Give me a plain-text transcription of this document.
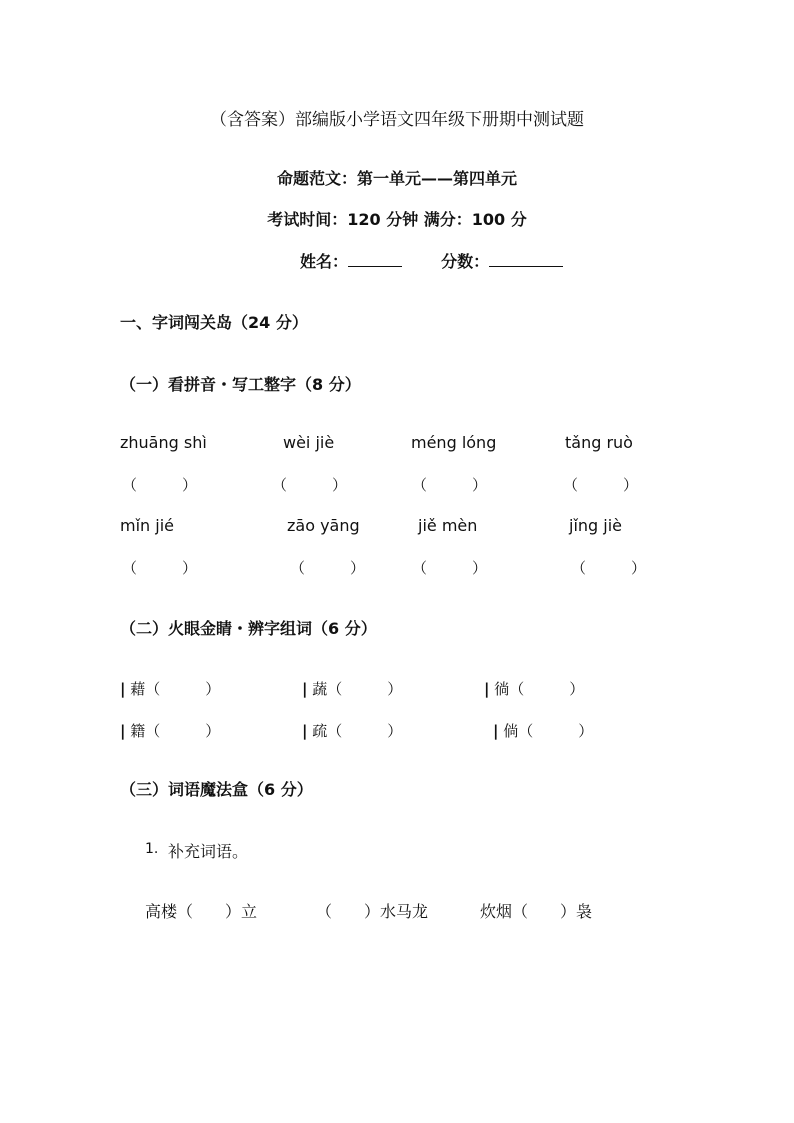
（含答案）部编版小学语文四年级下册期中测试题
命题范文：第一单元——第四单元
考试时间：120 分钟 满分：100 分
姓名：	分数：
一、字词闯关岛（24 分）
（一）看拼音・写工整字（8 分）
zhuāng shì	wèi jiè	méng lóng	tǎng ruò
（　　　）	（　　　）	（　　　）	（　　　）
mǐn jié	zāo yāng	jiě mèn	jǐng jiè
（　　　）	（　　　）	（　　　）	（　　　）
（二）火眼金睛・辨字组词（6 分）
| 藉（　　　）	| 蔬（　　　）	| 徜（　　　）
| 籍（　　　）	| 疏（　　　）	| 倘（　　　）
（三）词语魔法盒（6 分）
1. 补充词语。
高楼（　　）立	（　　）水马龙	炊烟（　　）袅
